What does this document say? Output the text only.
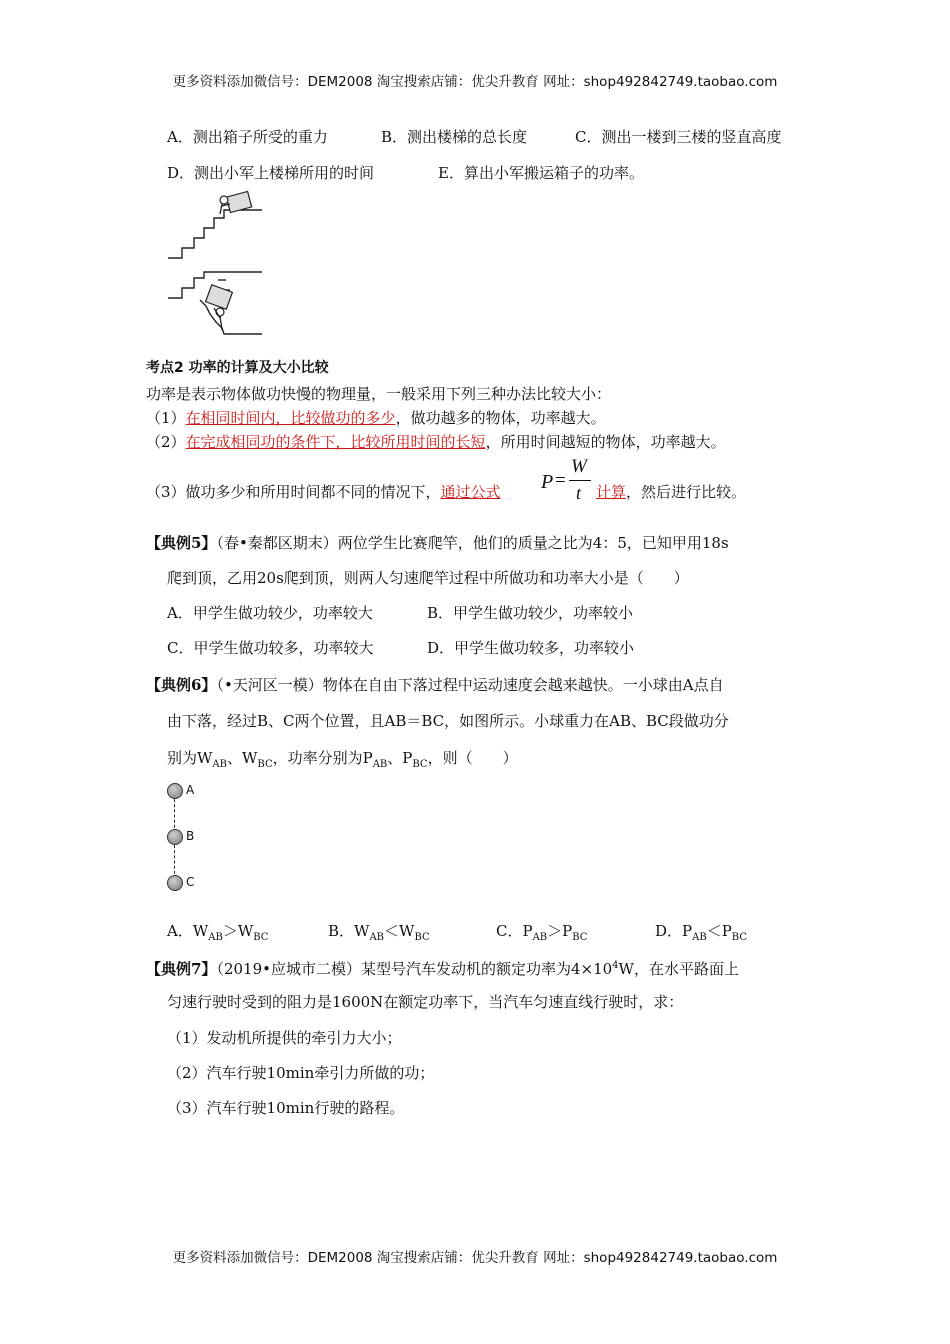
更多资料添加微信号：DEM2008 淘宝搜索店铺：优尖升教育 网址：shop492842749.taobao.com
A．测出箱子所受的重力	B．测出楼梯的总长度	C．测出一楼到三楼的竖直高度
D．测出小军上楼梯所用的时间	E．算出小军搬运箱子的功率。
考点2 功率的计算及大小比较
功率是表示物体做功快慢的物理量，一般采用下列三种办法比较大小：
（1）在相同时间内，比较做功的多少，做功越多的物体，功率越大。
（2）在完成相同功的条件下，比较所用时间的长短，所用时间越短的物体，功率越大。
（3）做功多少和所用时间都不同的情况下，通过公式 P =
W
t 计算，然后进行比较。
【典例5】（春•秦都区期末）两位学生比赛爬竿，他们的质量之比为4：5，已知甲用18s
爬到顶，乙用20s爬到顶，则两人匀速爬竿过程中所做功和功率大小是（　　）
A．甲学生做功较少，功率较大	B．甲学生做功较少，功率较小
C．甲学生做功较多，功率较大	D．甲学生做功较多，功率较小
【典例6】（•天河区一模）物体在自由下落过程中运动速度会越来越快。一小球由A点自
由下落，经过B、C两个位置，且AB＝BC，如图所示。小球重力在AB、BC段做功分
别为$W_{AB}$、$W_{BC}$，功率分别为$P_{AB}$、$P_{BC}$，则（　　）
A
B
C
A．$W_{AB}>W_{BC}$	B．$W_{AB}<W_{BC}$	C．$P_{AB}>P_{BC}$	D．$P_{AB}<P_{BC}$
【典例7】（2019•应城市二模）某型号汽车发动机的额定功率为$4\times 10^4W$，在水平路面上
匀速行驶时受到的阻力是1600N在额定功率下，当汽车匀速直线行驶时，求：
（1）发动机所提供的牵引力大小；
（2）汽车行驶10min牵引力所做的功；
（3）汽车行驶10min行驶的路程。
更多资料添加微信号：DEM2008 淘宝搜索店铺：优尖升教育 网址：shop492842749.taobao.com
